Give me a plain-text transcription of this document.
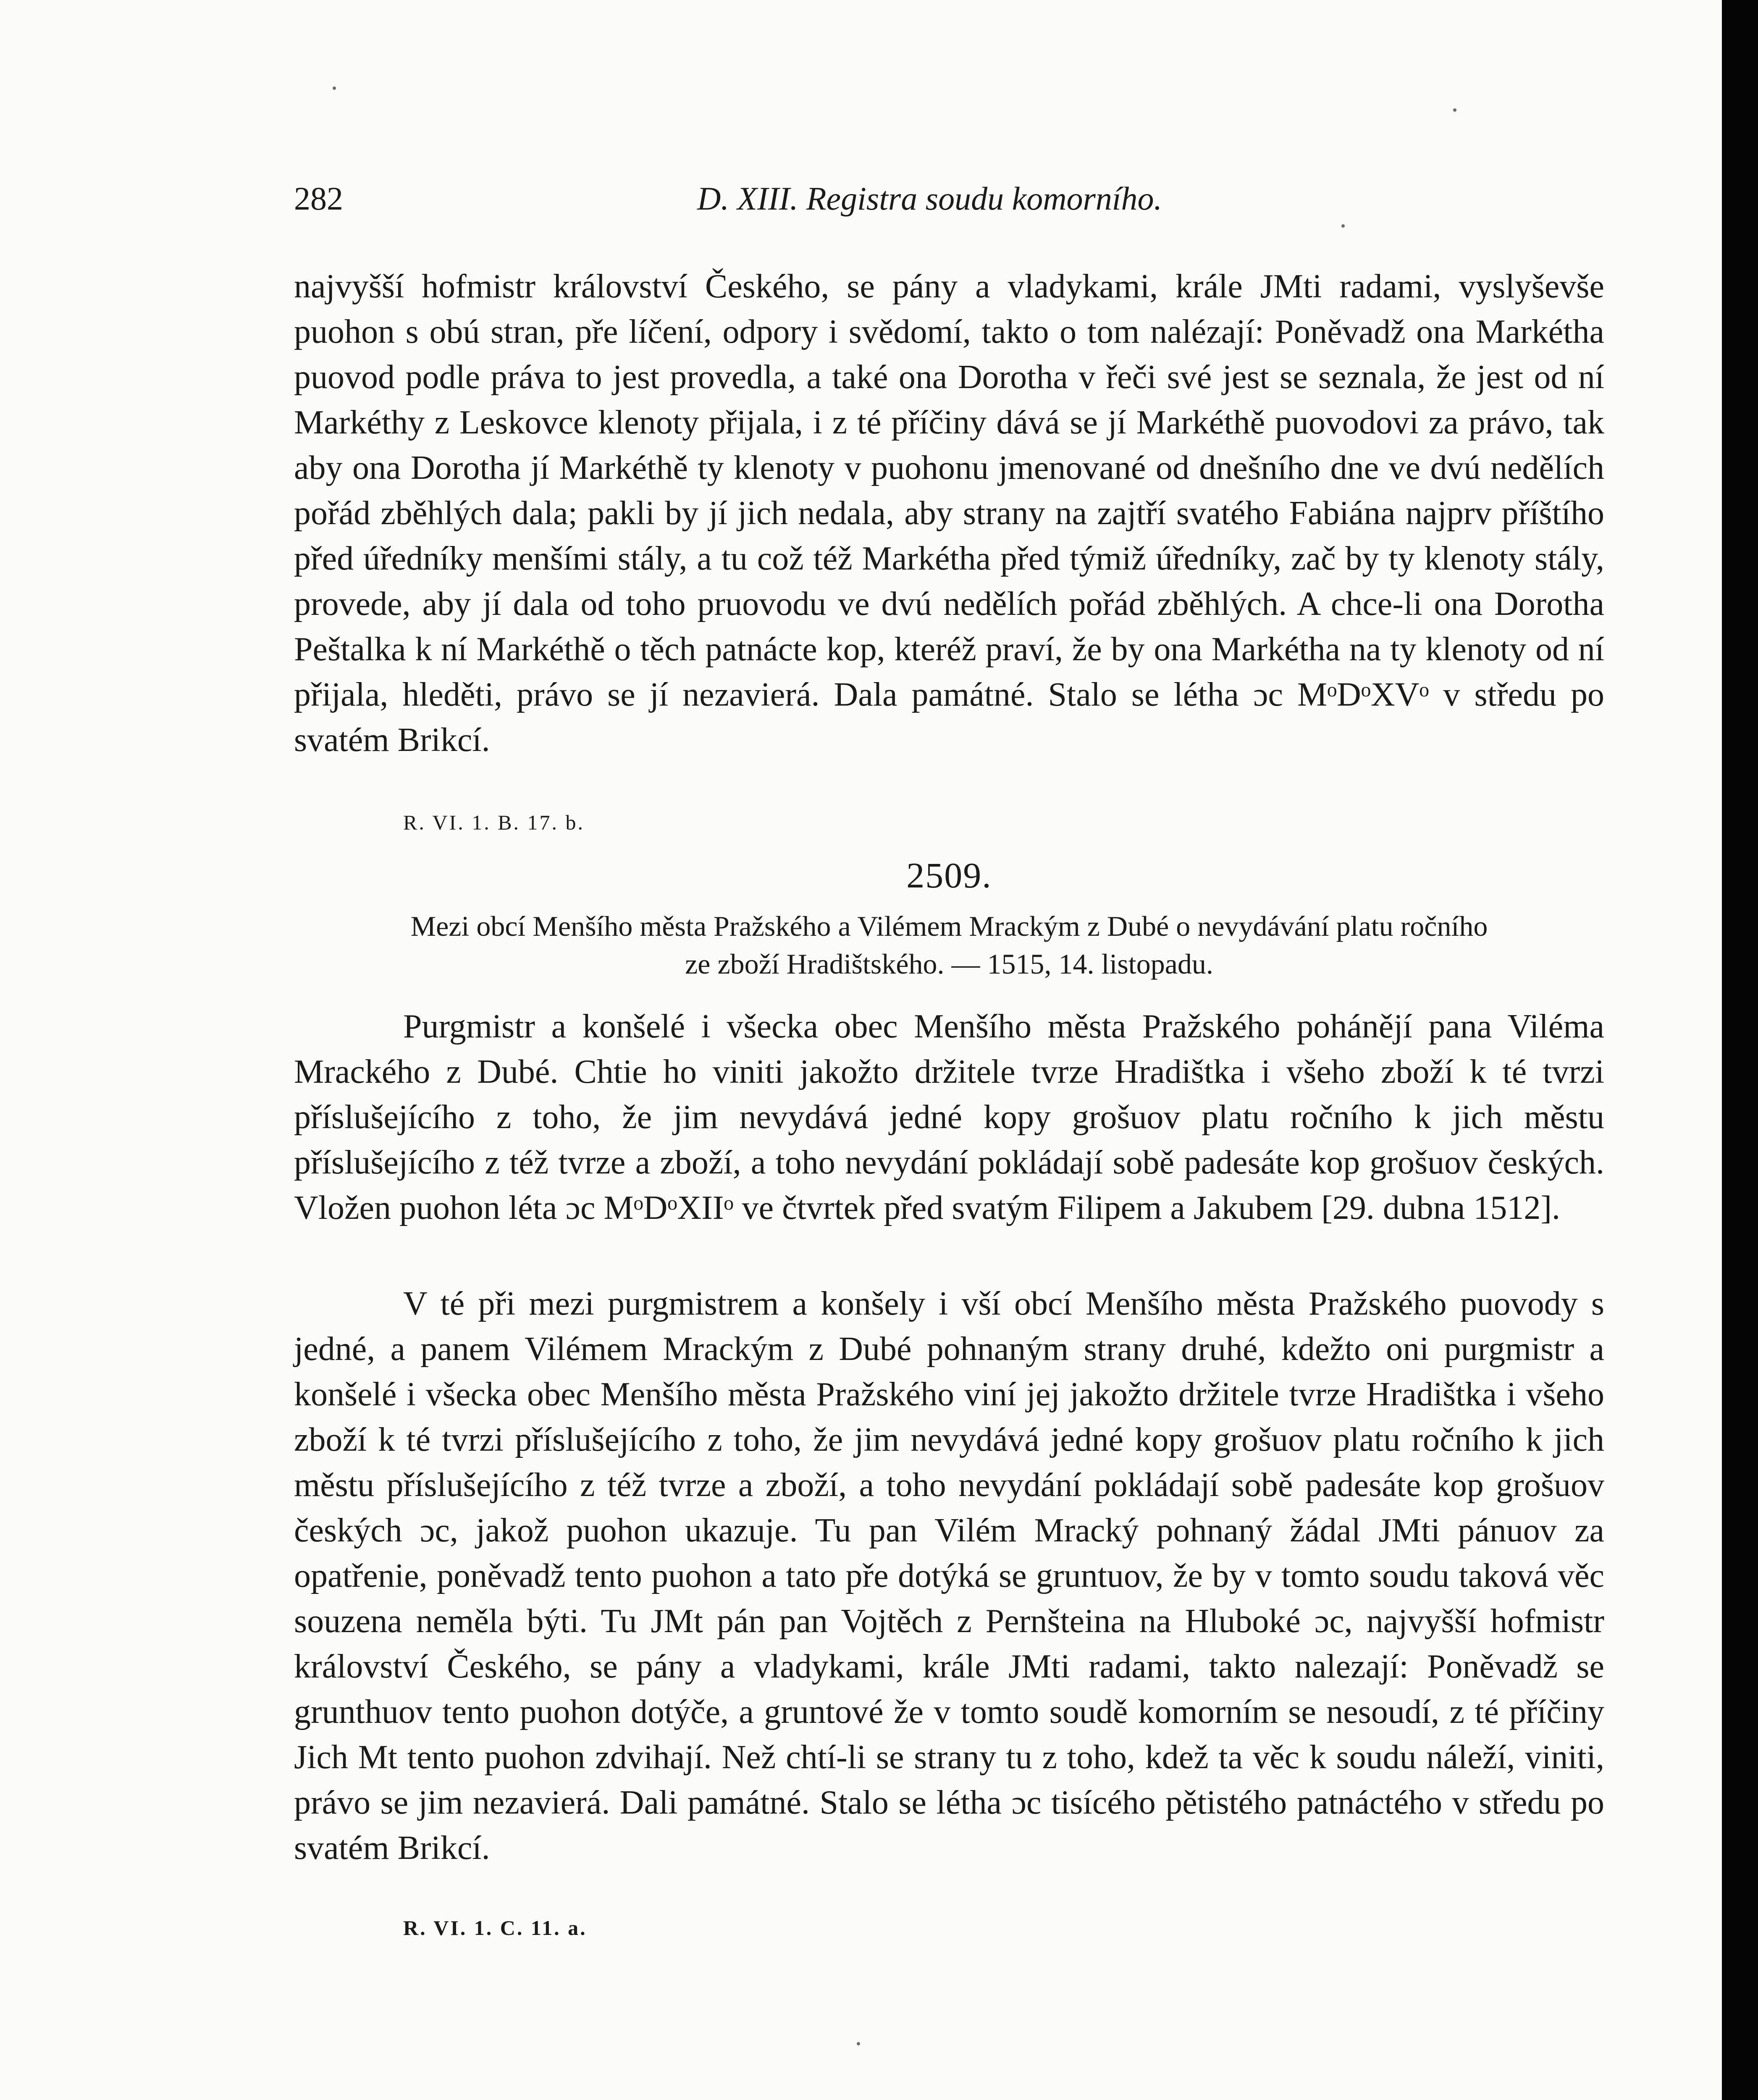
282	D. XIII. Registra soudu komorního.

najvyšší hofmistr království Českého, se pány a vladykami, krále JMti radami, vyslyševše puohon s obú stran, pře líčení, odpory i svědomí, takto o tom nalézají: Poněvadž ona Markétha puovod podle práva to jest provedla, a také ona Dorotha v řeči své jest se seznala, že jest od ní Markéthy z Leskovce klenoty přijala, i z té příčiny dává se jí Markéthě puovodovi za právo, tak aby ona Dorotha jí Markéthě ty klenoty v puohonu jmenované od dnešního dne ve dvú nedělích pořád zběhlých dala; pakli by jí jich nedala, aby strany na zajtří svatého Fabiána najprv příštího před úředníky menšími stály, a tu což též Markétha před týmiž úředníky, zač by ty klenoty stály, provede, aby jí dala od toho pruovodu ve dvú nedělích pořád zběhlých. A chce-li ona Dorotha Peštalka k ní Markéthě o těch patnácte kop, kteréž praví, že by ona Markétha na ty klenoty od ní přijala, hleděti, právo se jí nezavierá. Dala památné. Stalo se létha ɔc MᵒDᵒXVᵒ v středu po svatém Brikcí.

R. VI. 1. B. 17. b.
2509.

Mezi obcí Menšího města Pražského a Vilémem Mrackým z Dubé o nevydávání platu ročního

ze zboží Hradištského. — 1515, 14. listopadu.

Purgmistr a konšelé i všecka obec Menšího města Pražského pohánějí pana Viléma Mrackého z Dubé. Chtie ho viniti jakožto držitele tvrze Hradištka i všeho zboží k té tvrzi příslušejícího z toho, že jim nevydává jedné kopy grošuov platu ročního k jich městu příslušejícího z též tvrze a zboží, a toho nevydání pokládají sobě padesáte kop grošuov českých. Vložen puohon léta ɔc MᵒDᵒXIIᵒ ve čtvrtek před svatým Filipem a Jakubem [29. dubna 1512].

V té při mezi purgmistrem a konšely i vší obcí Menšího města Pražského puovody s jedné, a panem Vilémem Mrackým z Dubé pohnaným strany druhé, kdežto oni purgmistr a konšelé i všecka obec Menšího města Pražského viní jej jakožto držitele tvrze Hradištka i všeho zboží k té tvrzi příslušejícího z toho, že jim nevydává jedné kopy grošuov platu ročního k jich městu příslušejícího z též tvrze a zboží, a toho nevydání pokládají sobě padesáte kop grošuov českých ɔc, jakož puohon ukazuje. Tu pan Vilém Mracký pohnaný žádal JMti pánuov za opatřenie, poněvadž tento puohon a tato pře dotýká se gruntuov, že by v tomto soudu taková věc souzena neměla býti. Tu JMt pán pan Vojtěch z Pernšteina na Hluboké ɔc, najvyšší hofmistr království Českého, se pány a vladykami, krále JMti radami, takto nalezají: Poněvadž se grunthuov tento puohon dotýče, a gruntové že v tomto soudě komorním se nesoudí, z té příčiny Jich Mt tento puohon zdvihají. Než chtí-li se strany tu z toho, kdež ta věc k soudu náleží, viniti, právo se jim nezavierá. Dali památné. Stalo se létha ɔc tisícého pětistého patnáctého v středu po svatém Brikcí.

R. VI. 1. C. 11. a.
